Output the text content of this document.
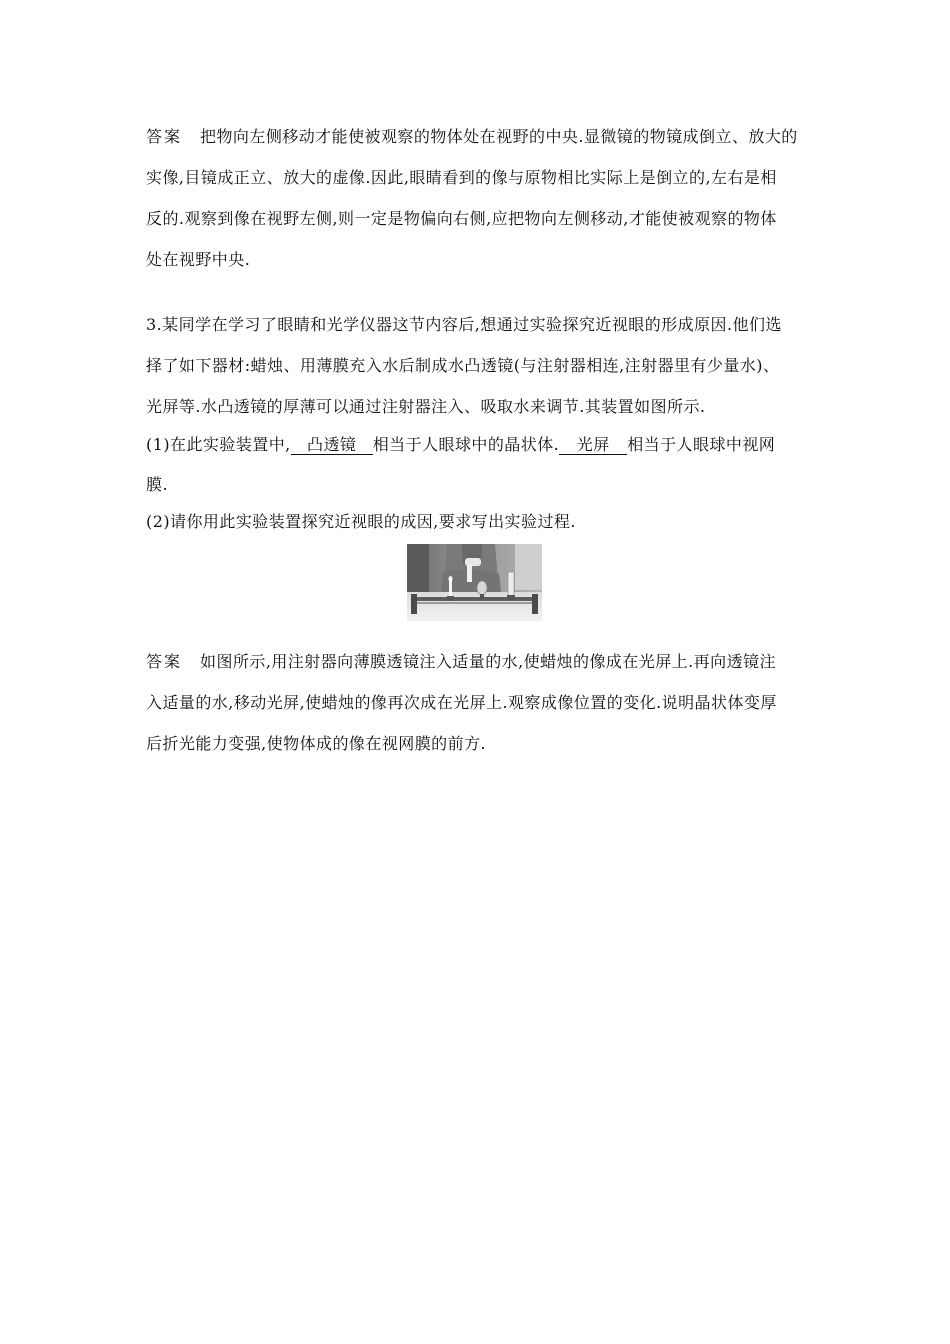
答案 把物向左侧移动才能使被观察的物体处在视野的中央.显微镜的物镜成倒立、放大的
实像,目镜成正立、放大的虚像.因此,眼睛看到的像与原物相比实际上是倒立的,左右是相
反的.观察到像在视野左侧,则一定是物偏向右侧,应把物向左侧移动,才能使被观察的物体
处在视野中央.
3.某同学在学习了眼睛和光学仪器这节内容后,想通过实验探究近视眼的形成原因.他们选
择了如下器材:蜡烛、用薄膜充入水后制成水凸透镜(与注射器相连,注射器里有少量水)、
光屏等.水凸透镜的厚薄可以通过注射器注入、吸取水来调节.其装置如图所示.
(1)在此实验装置中, 凸透镜 相当于人眼球中的晶状体. 光屏 相当于人眼球中视网
膜.
(2)请你用此实验装置探究近视眼的成因,要求写出实验过程.
答案 如图所示,用注射器向薄膜透镜注入适量的水,使蜡烛的像成在光屏上.再向透镜注
入适量的水,移动光屏,使蜡烛的像再次成在光屏上.观察成像位置的变化.说明晶状体变厚
后折光能力变强,使物体成的像在视网膜的前方.
